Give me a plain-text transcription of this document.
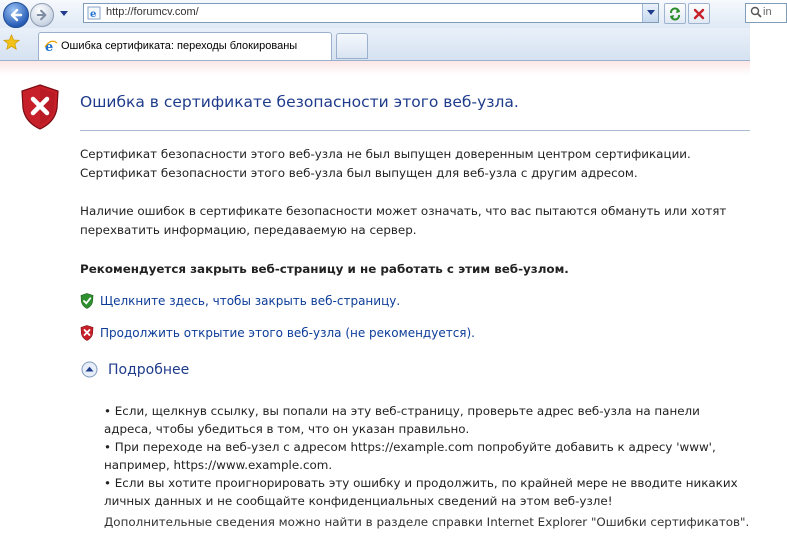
e http://forumcv.com/	in
e Ошибка сертификата: переходы блокированы
Ошибка в сертификате безопасности этого веб-узла.
Сертификат безопасности этого веб-узла не был выпущен доверенным центром сертификации.
Сертификат безопасности этого веб-узла был выпущен для веб-узла с другим адресом.
Наличие ошибок в сертификате безопасности может означать, что вас пытаются обмануть или хотят
перехватить информацию, передаваемую на сервер.
Рекомендуется закрыть веб-страницу и не работать с этим веб-узлом.
Щелкните здесь, чтобы закрыть веб-страницу.
Продолжить открытие этого веб-узла (не рекомендуется).
Подробнее
• Если, щелкнув ссылку, вы попали на эту веб-страницу, проверьте адрес веб-узла на панели
адреса, чтобы убедиться в том, что он указан правильно.
• При переходе на веб-узел с адресом https://example.com попробуйте добавить к адресу 'www',
например, https://www.example.com.
• Если вы хотите проигнорировать эту ошибку и продолжить, по крайней мере не вводите никаких
личных данных и не сообщайте конфиденциальных сведений на этом веб-узле!
Дополнительные сведения можно найти в разделе справки Internet Explorer "Ошибки сертификатов".
